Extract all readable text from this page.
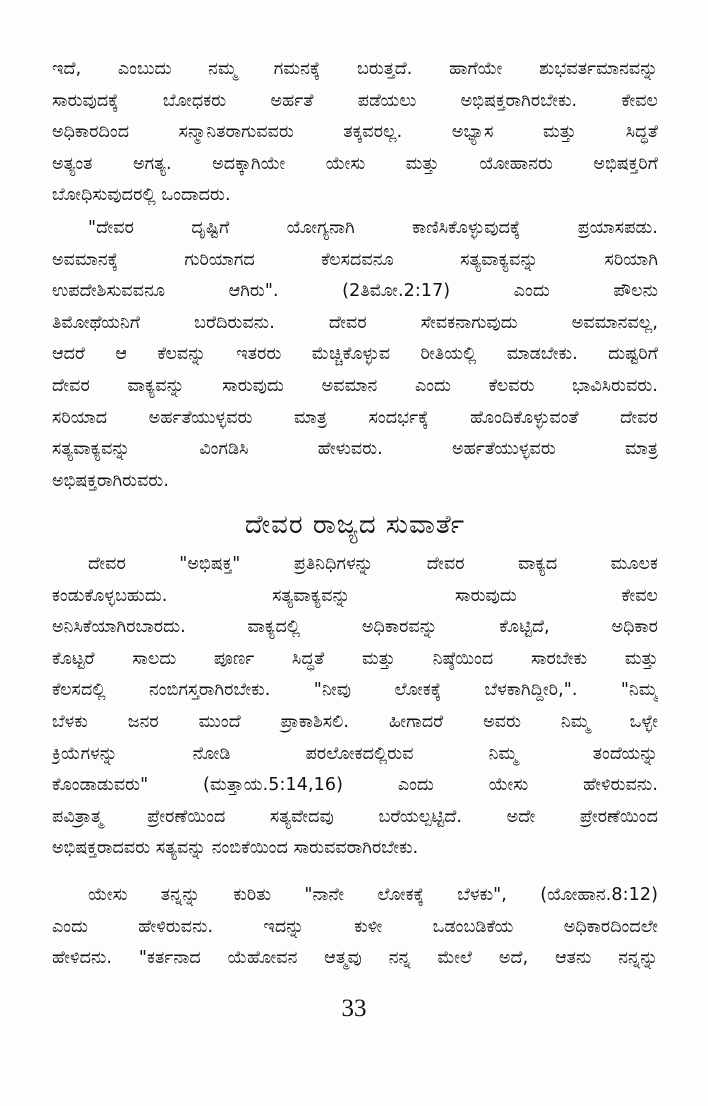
ಇದೆ, ಎಂಬುದು ನಮ್ಮ ಗಮನಕ್ಕೆ ಬರುತ್ತದೆ. ಹಾಗೆಯೇ ಶುಭವರ್ತಮಾನವನ್ನು
ಸಾರುವುದಕ್ಕೆ ಬೋಧಕರು ಅರ್ಹತೆ ಪಡೆಯಲು ಅಭಿಷಕ್ತರಾಗಿರಬೇಕು. ಕೇವಲ
ಅಧಿಕಾರದಿಂದ ಸನ್ಮಾನಿತರಾಗುವವರು ತಕ್ಕವರಲ್ಲ. ಅಭ್ಯಾಸ ಮತ್ತು ಸಿದ್ಧತೆ
ಅತ್ಯಂತ ಅಗತ್ಯ. ಅದಕ್ಕಾಗಿಯೇ ಯೇಸು ಮತ್ತು ಯೋಹಾನರು ಅಭಿಷಕ್ತರಿಗೆ
ಬೋಧಿಸುವುದರಲ್ಲಿ ಒಂದಾದರು.
"ದೇವರ ದೃಷ್ಟಿಗೆ ಯೋಗ್ಯನಾಗಿ ಕಾಣಿಸಿಕೊಳ್ಳುವುದಕ್ಕೆ ಪ್ರಯಾಸಪಡು.
ಅವಮಾನಕ್ಕೆ ಗುರಿಯಾಗದ ಕೆಲಸದವನೂ ಸತ್ಯವಾಕ್ಯವನ್ನು ಸರಿಯಾಗಿ
ಉಪದೇಶಿಸುವವನೂ ಆಗಿರು". (2ತಿಮೋ.2:17) ಎಂದು ಪೌಲನು
ತಿಮೋಥೆಯನಿಗೆ ಬರೆದಿರುವನು. ದೇವರ ಸೇವಕನಾಗುವುದು ಅವಮಾನವಲ್ಲ,
ಆದರೆ ಆ ಕೆಲವನ್ನು ಇತರರು ಮೆಚ್ಚಿಕೊಳ್ಳುವ ರೀತಿಯಲ್ಲಿ ಮಾಡಬೇಕು. ದುಷ್ಟರಿಗೆ
ದೇವರ ವಾಕ್ಯವನ್ನು ಸಾರುವುದು ಅವಮಾನ ಎಂದು ಕೆಲವರು ಭಾವಿಸಿರುವರು.
ಸರಿಯಾದ ಅರ್ಹತೆಯುಳ್ಳವರು ಮಾತ್ರ ಸಂದರ್ಭಕ್ಕೆ ಹೊಂದಿಕೊಳ್ಳುವಂತೆ ದೇವರ
ಸತ್ಯವಾಕ್ಯವನ್ನು ವಿಂಗಡಿಸಿ ಹೇಳುವರು. ಅರ್ಹತೆಯುಳ್ಳವರು ಮಾತ್ರ
ಅಭಿಷಕ್ತರಾಗಿರುವರು.
ದೇವರ ರಾಜ್ಯದ ಸುವಾರ್ತೆ
ದೇವರ "ಅಭಿಷಕ್ತ" ಪ್ರತಿನಿಧಿಗಳನ್ನು ದೇವರ ವಾಕ್ಯದ ಮೂಲಕ
ಕಂಡುಕೊಳ್ಳಬಹುದು. ಸತ್ಯವಾಕ್ಯವನ್ನು ಸಾರುವುದು ಕೇವಲ
ಅನಿಸಿಕೆಯಾಗಿರಬಾರದು. ವಾಕ್ಯದಲ್ಲಿ ಅಧಿಕಾರವನ್ನು ಕೊಟ್ಟಿದೆ, ಅಧಿಕಾರ
ಕೊಟ್ಟರೆ ಸಾಲದು ಪೂರ್ಣ ಸಿದ್ಧತೆ ಮತ್ತು ನಿಷ್ಠೆಯಿಂದ ಸಾರಬೇಕು ಮತ್ತು
ಕೆಲಸದಲ್ಲಿ ನಂಬಿಗಸ್ತರಾಗಿರಬೇಕು. "ನೀವು ಲೋಕಕ್ಕೆ ಬೆಳಕಾಗಿದ್ದೀರಿ,". "ನಿಮ್ಮ
ಬೆಳಕು ಜನರ ಮುಂದೆ ಪ್ರಾಕಾಶಿಸಲಿ. ಹೀಗಾದರೆ ಅವರು ನಿಮ್ಮ ಒಳ್ಳೇ
ಕ್ರಿಯೆಗಳನ್ನು ನೋಡಿ ಪರಲೋಕದಲ್ಲಿರುವ ನಿಮ್ಮ ತಂದೆಯನ್ನು
ಕೊಂಡಾಡುವರು" (ಮತ್ತಾಯ.5:14,16) ಎಂದು ಯೇಸು ಹೇಳಿರುವನು.
ಪವಿತ್ರಾತ್ಮ ಪ್ರೇರಣೆಯಿಂದ ಸತ್ಯವೇದವು ಬರೆಯಲ್ಪಟ್ಟಿದೆ. ಅದೇ ಪ್ರೇರಣೆಯಿಂದ
ಅಭಿಷಕ್ತರಾದವರು ಸತ್ಯವನ್ನು ನಂಬಿಕೆಯಿಂದ ಸಾರುವವರಾಗಿರಬೇಕು.
ಯೇಸು ತನ್ನನ್ನು ಕುರಿತು "ನಾನೇ ಲೋಕಕ್ಕೆ ಬೆಳಕು", (ಯೋಹಾನ.8:12)
ಎಂದು ಹೇಳಿರುವನು. ಇದನ್ನು ಕುಳೀ ಒಡಂಬಡಿಕೆಯ ಅಧಿಕಾರದಿಂದಲೇ
ಹೇಳಿದನು. "ಕರ್ತನಾದ ಯೆಹೋವನ ಆತ್ಮವು ನನ್ನ ಮೇಲೆ ಅದೆ, ಆತನು ನನ್ನನ್ನು
33
